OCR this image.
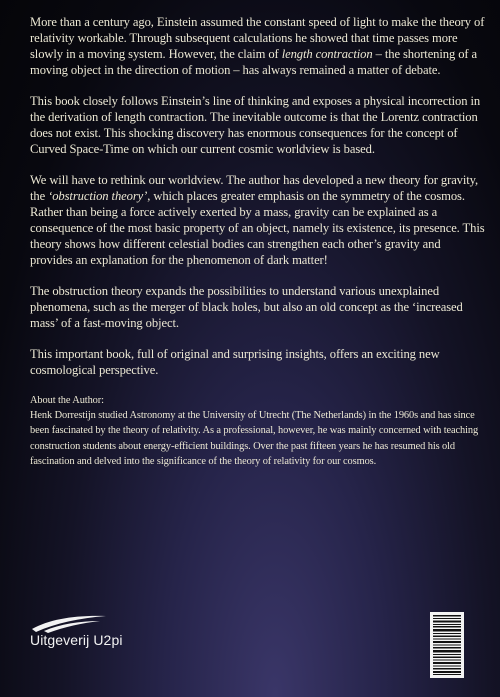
More than a century ago, Einstein assumed the constant speed of light to make the theory of relativity workable. Through subsequent calculations he showed that time passes more slowly in a moving system. However, the claim of length contraction – the shortening of a moving object in the direction of motion – has always remained a matter of debate.

This book closely follows Einstein’s line of thinking and exposes a physical incorrection in the derivation of length contraction. The inevitable outcome is that the Lorentz contraction does not exist. This shocking discovery has enormous consequences for the concept of Curved Space-Time on which our current cosmic worldview is based.

We will have to rethink our worldview. The author has developed a new theory for gravity, the ‘obstruction theory’, which places greater emphasis on the symmetry of the cosmos. Rather than being a force actively exerted by a mass, gravity can be explained as a consequence of the most basic property of an object, namely its existence, its presence. This theory shows how different celestial bodies can strengthen each other’s gravity and provides an explanation for the phenomenon of dark matter!

The obstruction theory expands the possibilities to understand various unexplained phenomena, such as the merger of black holes, but also an old concept as the ‘increased mass’ of a fast-moving object.

This important book, full of original and surprising insights, offers an exciting new cosmological perspective.

About the Author:
Henk Dorrestijn studied Astronomy at the University of Utrecht (The Netherlands) in the 1960s and has since been fascinated by the theory of relativity. As a professional, however, he was mainly concerned with teaching construction students about energy-efficient buildings. Over the past fifteen years he has resumed his old fascination and delved into the significance of the theory of relativity for our cosmos.

Uitgeverij U2pi
